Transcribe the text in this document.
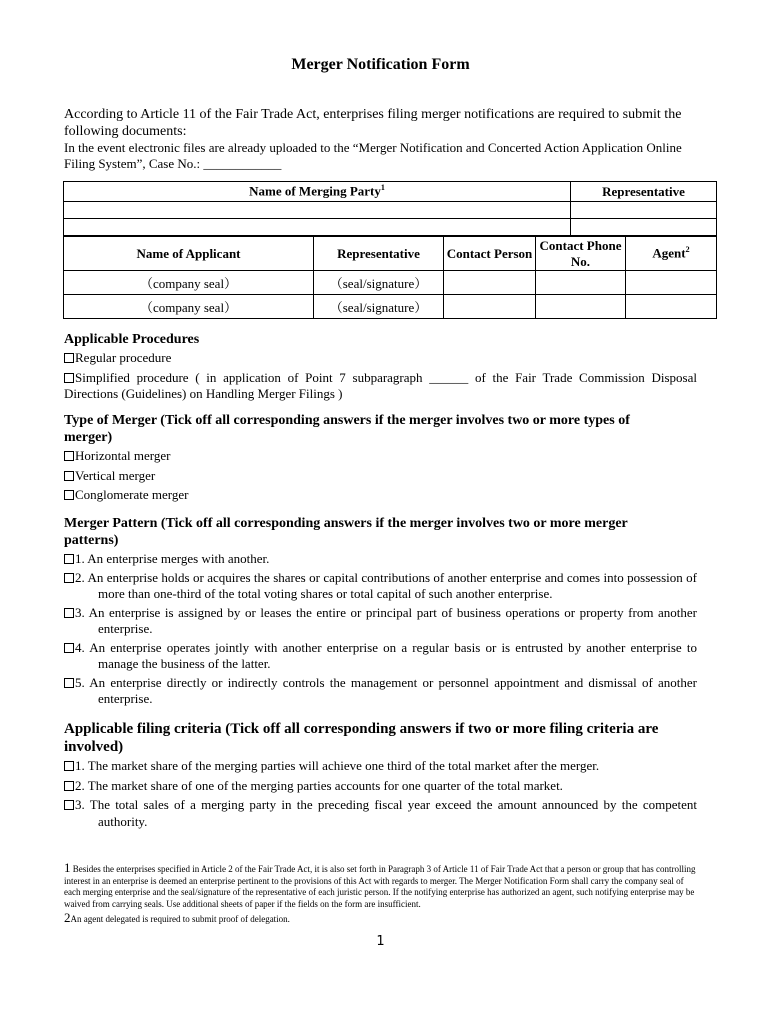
Merger Notification Form
According to Article 11 of the Fair Trade Act, enterprises filing merger notifications are required to submit the following documents:
In the event electronic files are already uploaded to the “Merger Notification and Concerted Action Application Online Filing System”, Case No.: ____________
Name of Merging Party$^1$	Representative

Name of Applicant	Representative	Contact Person	Contact Phone No.	Agent$^2$
（company seal）	（seal/signature）			
（company seal）	（seal/signature）			
Applicable Procedures
Regular procedure
Simplified procedure ( in application of Point 7 subparagraph ______ of the Fair Trade Commission Disposal Directions (Guidelines) on Handling Merger Filings )
Type of Merger (Tick off all corresponding answers if the merger involves two or more types of merger)
Horizontal merger
Vertical merger
Conglomerate merger
Merger Pattern (Tick off all corresponding answers if the merger involves two or more merger patterns)
1. An enterprise merges with another.
2. An enterprise holds or acquires the shares or capital contributions of another enterprise and comes into possession of more than one-third of the total voting shares or total capital of such another enterprise.
3. An enterprise is assigned by or leases the entire or principal part of business operations or property from another enterprise.
4. An enterprise operates jointly with another enterprise on a regular basis or is entrusted by another enterprise to manage the business of the latter.
5. An enterprise directly or indirectly controls the management or personnel appointment and dismissal of another enterprise.
Applicable filing criteria (Tick off all corresponding answers if two or more filing criteria are involved)
1. The market share of the merging parties will achieve one third of the total market after the merger.
2. The market share of one of the merging parties accounts for one quarter of the total market.
3. The total sales of a merging party in the preceding fiscal year exceed the amount announced by the competent authority.
1 Besides the enterprises specified in Article 2 of the Fair Trade Act, it is also set forth in Paragraph 3 of Article 11 of Fair Trade Act that a person or group that has controlling interest in an enterprise is deemed an enterprise pertinent to the provisions of this Act with regards to merger. The Merger Notification Form shall carry the company seal of each merging enterprise and the seal/signature of the representative of each juristic person. If the notifying enterprise has authorized an agent, such notifying enterprise may be waived from carrying seals. Use additional sheets of paper if the fields on the form are insufficient.
2An agent delegated is required to submit proof of delegation.
1
